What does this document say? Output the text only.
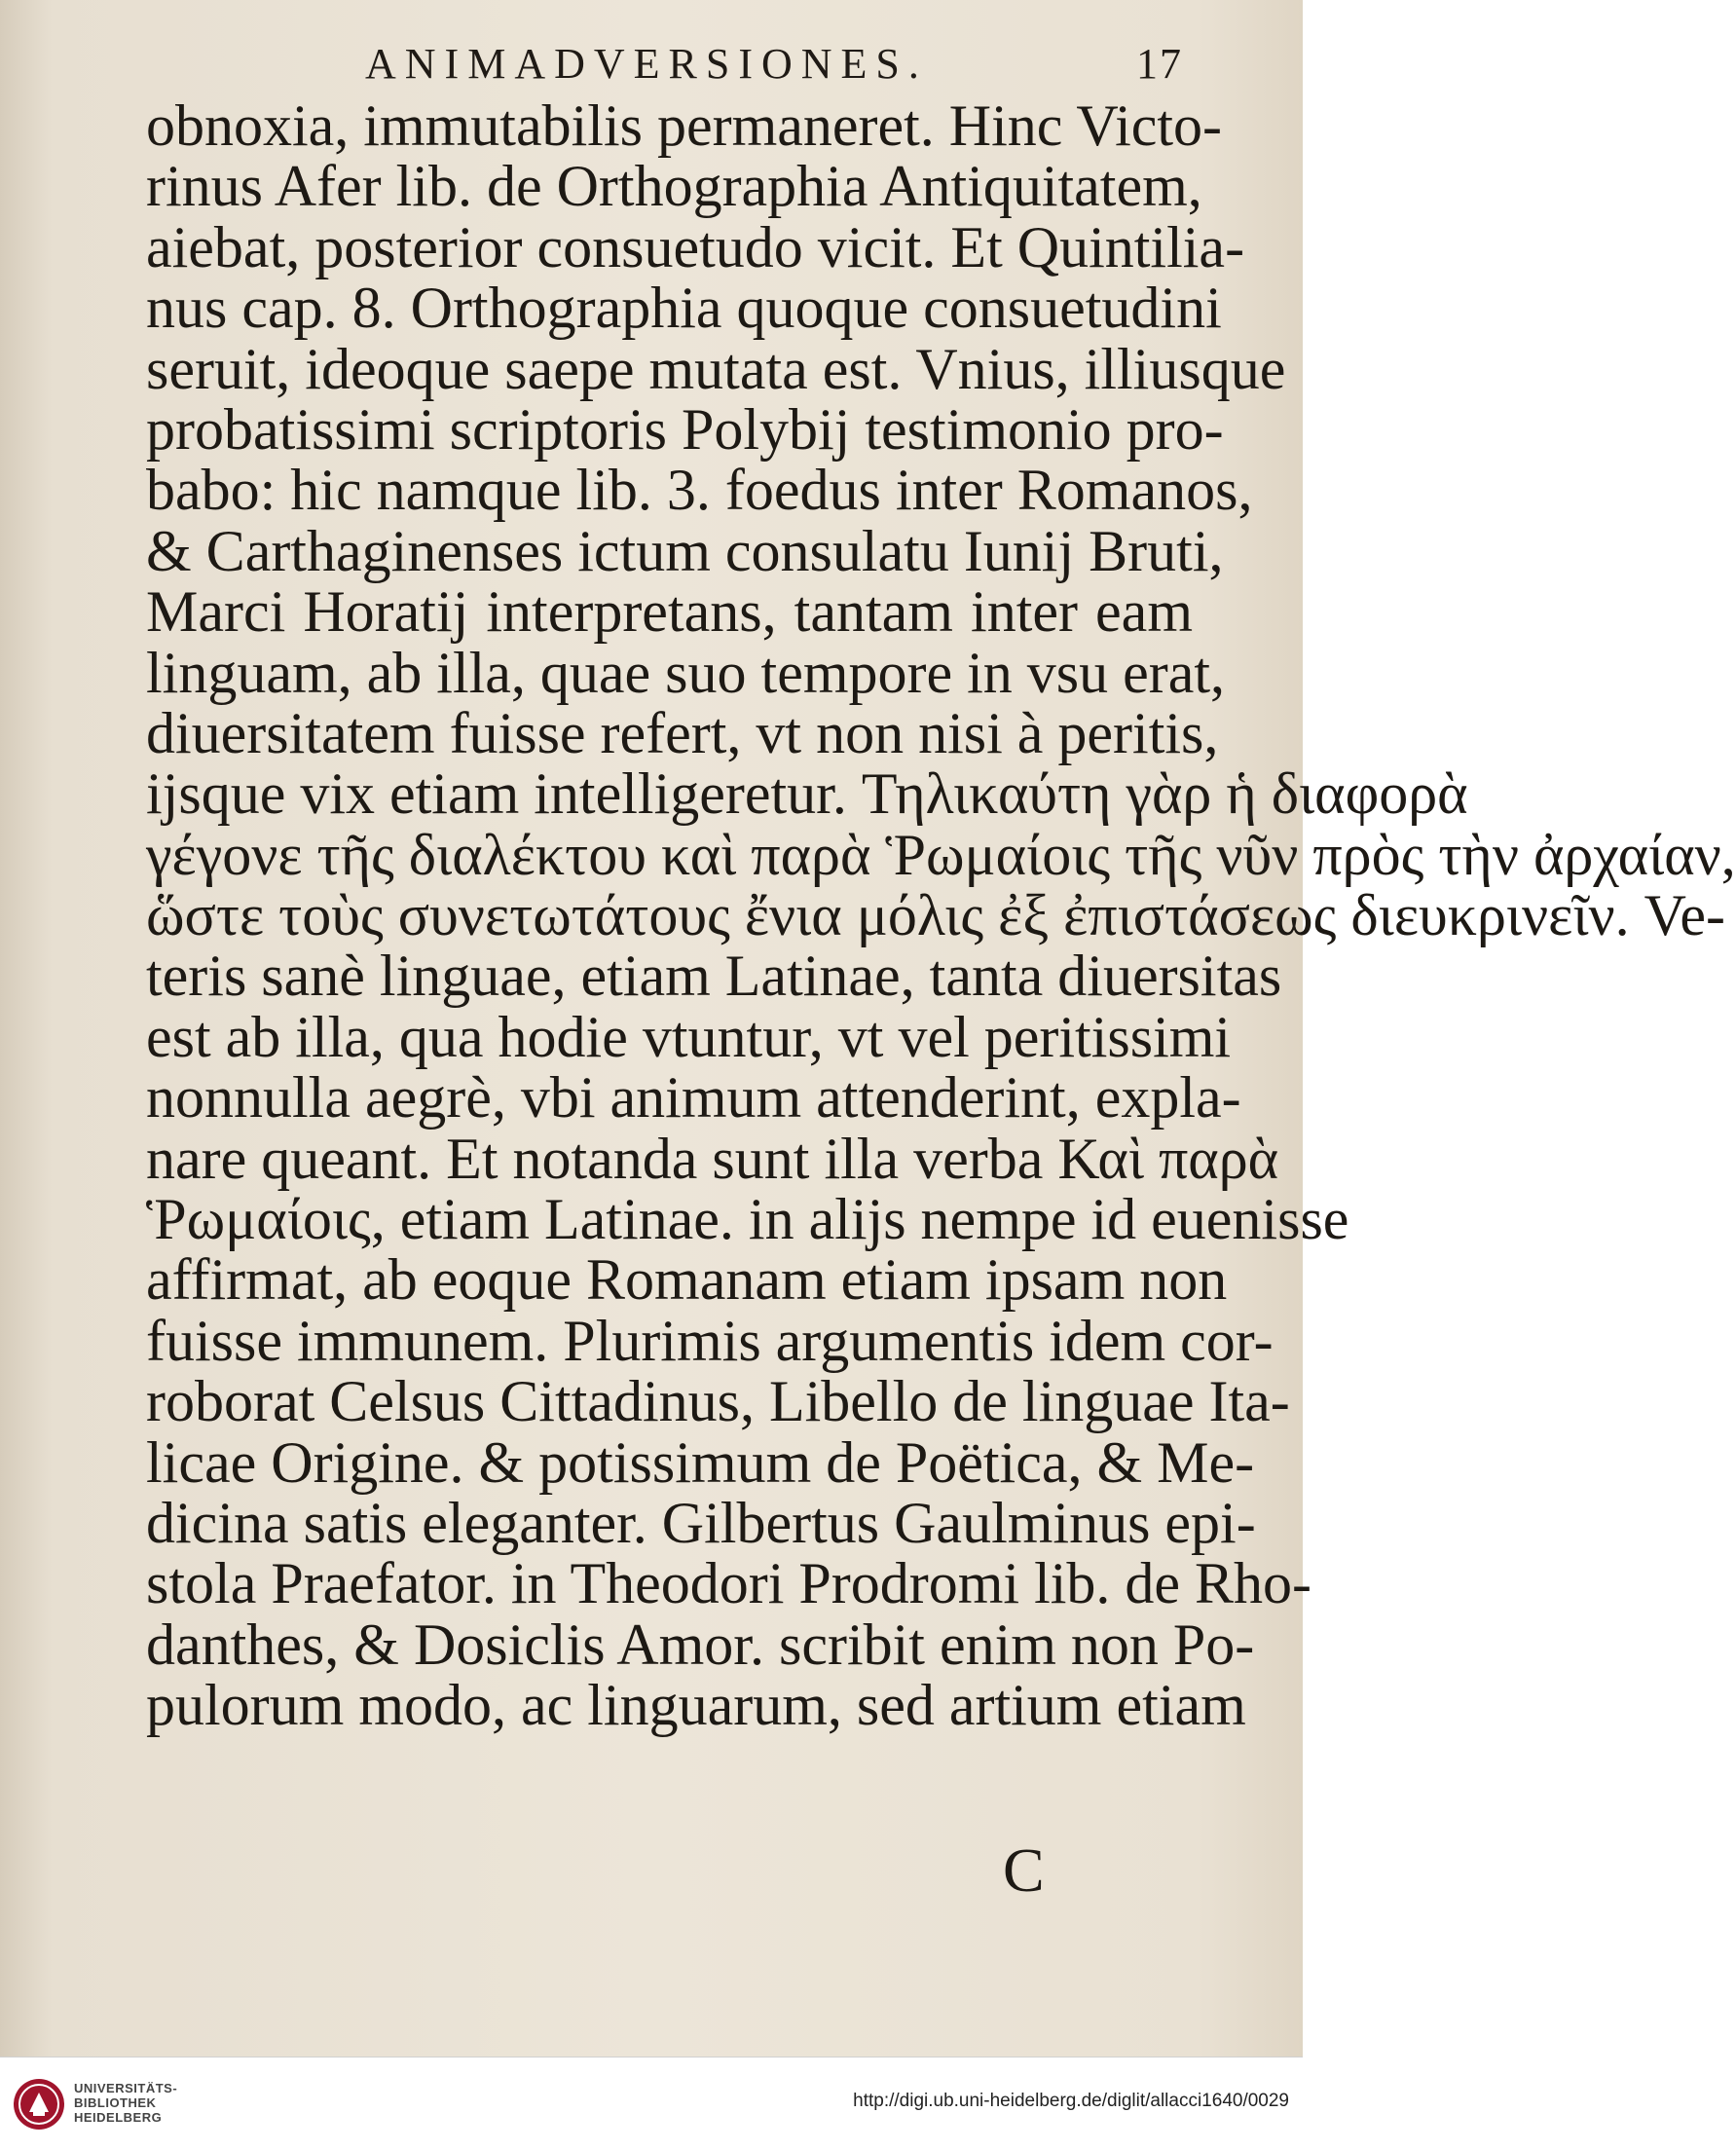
ANIMADVERSIONES.	17
obnoxia, immutabilis permaneret. Hinc Victo-
rinus Afer lib. de Orthographia Antiquitatem,
aiebat, posterior consuetudo vicit. Et Quintilia-
nus cap. 8. Orthographia quoque consuetudini
seruit, ideoque saepe mutata est. Vnius, illiusque
probatissimi scriptoris Polybij testimonio pro-
babo: hic namque lib. 3. foedus inter Romanos,
& Carthaginenses ictum consulatu Iunij Bruti,
Marci Horatij interpretans, tantam inter eam
linguam, ab illa, quae suo tempore in vsu erat,
diuersitatem fuisse refert, vt non nisi à peritis,
ijsque vix etiam intelligeretur. Τηλικαύτη γὰρ ἡ διαφορὰ
γέγονε τῆς διαλέκτου καὶ παρὰ Ῥωμαίοις τῆς νῦν πρὸς τὴν ἀρχαίαν,
ὥστε τοὺς συνετωτάτους ἔνια μόλις ἐξ ἐπιστάσεως διευκρινεῖν. Ve-
teris sanè linguae, etiam Latinae, tanta diuersitas
est ab illa, qua hodie vtuntur, vt vel peritissimi
nonnulla aegrè, vbi animum attenderint, expla-
nare queant. Et notanda sunt illa verba Καὶ παρὰ
Ῥωμαίοις, etiam Latinae. in alijs nempe id euenisse
affirmat, ab eoque Romanam etiam ipsam non
fuisse immunem. Plurimis argumentis idem cor-
roborat Celsus Cittadinus, Libello de linguae Ita-
licae Origine. & potissimum de Poëtica, & Me-
dicina satis eleganter. Gilbertus Gaulminus epi-
stola Praefator. in Theodori Prodromi lib. de Rho-
danthes, & Dosiclis Amor. scribit enim non Po-
pulorum modo, ac linguarum, sed artium etiam
C
UNIVERSITÄTS-
BIBLIOTHEK
HEIDELBERG
http://digi.ub.uni-heidelberg.de/diglit/allacci1640/0029
